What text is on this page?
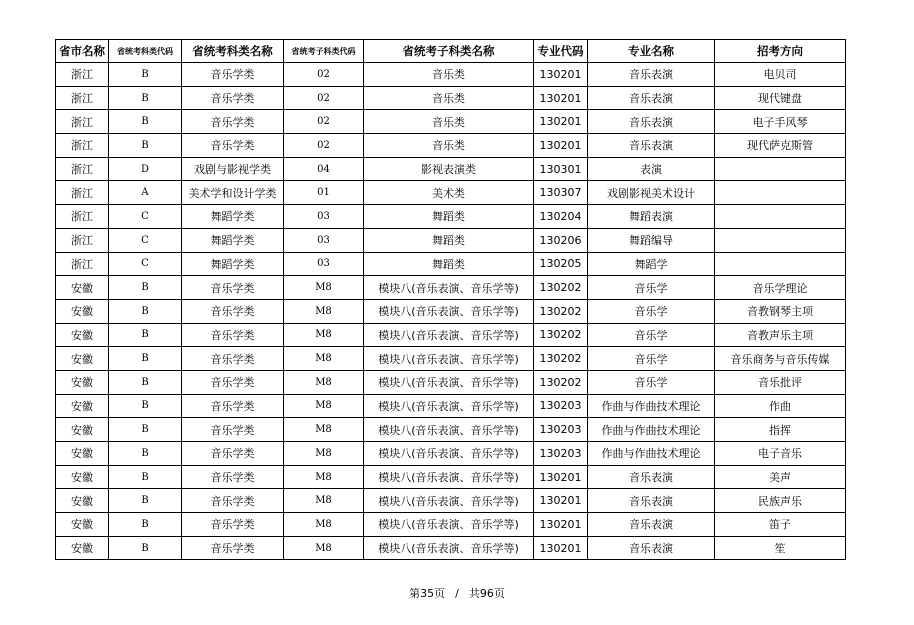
省市名称	省统考科类代码	省统考科类名称	省统考子科类代码	省统考子科类名称	专业代码	专业名称	招考方向
浙江	B	音乐学类	02	音乐类	130201	音乐表演	电贝司
浙江	B	音乐学类	02	音乐类	130201	音乐表演	现代键盘
浙江	B	音乐学类	02	音乐类	130201	音乐表演	电子手风琴
浙江	B	音乐学类	02	音乐类	130201	音乐表演	现代萨克斯管
浙江	D	戏剧与影视学类	04	影视表演类	130301	表演	
浙江	A	美术学和设计学类	01	美术类	130307	戏剧影视美术设计	
浙江	C	舞蹈学类	03	舞蹈类	130204	舞蹈表演	
浙江	C	舞蹈学类	03	舞蹈类	130206	舞蹈编导	
浙江	C	舞蹈学类	03	舞蹈类	130205	舞蹈学	
安徽	B	音乐学类	M8	模块八(音乐表演、音乐学等)	130202	音乐学	音乐学理论
安徽	B	音乐学类	M8	模块八(音乐表演、音乐学等)	130202	音乐学	音教钢琴主项
安徽	B	音乐学类	M8	模块八(音乐表演、音乐学等)	130202	音乐学	音教声乐主项
安徽	B	音乐学类	M8	模块八(音乐表演、音乐学等)	130202	音乐学	音乐商务与音乐传媒
安徽	B	音乐学类	M8	模块八(音乐表演、音乐学等)	130202	音乐学	音乐批评
安徽	B	音乐学类	M8	模块八(音乐表演、音乐学等)	130203	作曲与作曲技术理论	作曲
安徽	B	音乐学类	M8	模块八(音乐表演、音乐学等)	130203	作曲与作曲技术理论	指挥
安徽	B	音乐学类	M8	模块八(音乐表演、音乐学等)	130203	作曲与作曲技术理论	电子音乐
安徽	B	音乐学类	M8	模块八(音乐表演、音乐学等)	130201	音乐表演	美声
安徽	B	音乐学类	M8	模块八(音乐表演、音乐学等)	130201	音乐表演	民族声乐
安徽	B	音乐学类	M8	模块八(音乐表演、音乐学等)	130201	音乐表演	笛子
安徽	B	音乐学类	M8	模块八(音乐表演、音乐学等)	130201	音乐表演	笙
第35页 / 共96页
